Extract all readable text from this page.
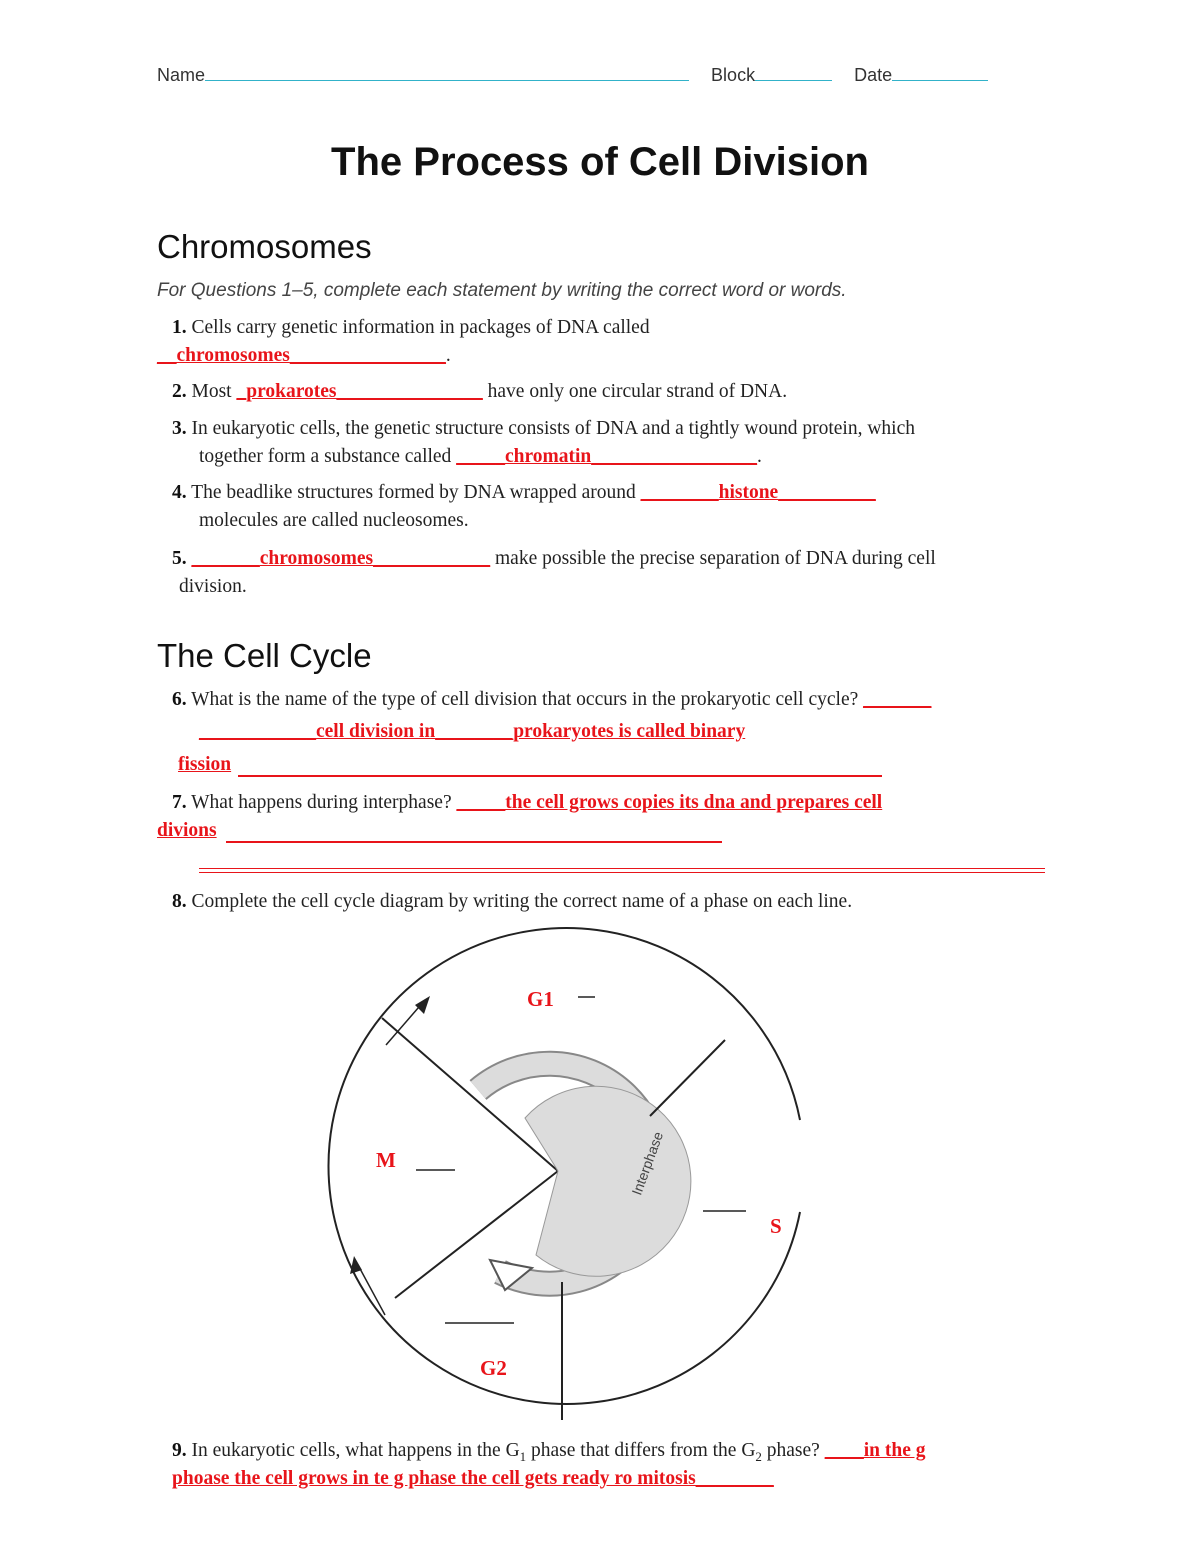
Name	Block	Date
The Process of Cell Division
Chromosomes
For Questions 1–5, complete each statement by writing the correct word or words.
1. Cells carry genetic information in packages of DNA called
__chromosomes________________.
2. Most _prokarotes_______________ have only one circular strand of DNA.
3. In eukaryotic cells, the genetic structure consists of DNA and a tightly wound protein, which
together form a substance called _____chromatin_________________.
4. The beadlike structures formed by DNA wrapped around ________histone__________
molecules are called nucleosomes.
5. _______chromosomes____________ make possible the precise separation of DNA during cell
division.
The Cell Cycle
6. What is the name of the type of cell division that occurs in the prokaryotic cell cycle? _______
____________cell division in________prokaryotes is called binary
fission
7. What happens during interphase? _____the cell grows copies its dna and prepares cell
divions
8. Complete the cell cycle diagram by writing the correct name of a phase on each line.
Interphase
G1
M
S
G2
9. In eukaryotic cells, what happens in the $G_1$ phase that differs from the $G_2$ phase? ____in the g
phoase the cell grows in te g phase the cell gets ready ro mitosis________
